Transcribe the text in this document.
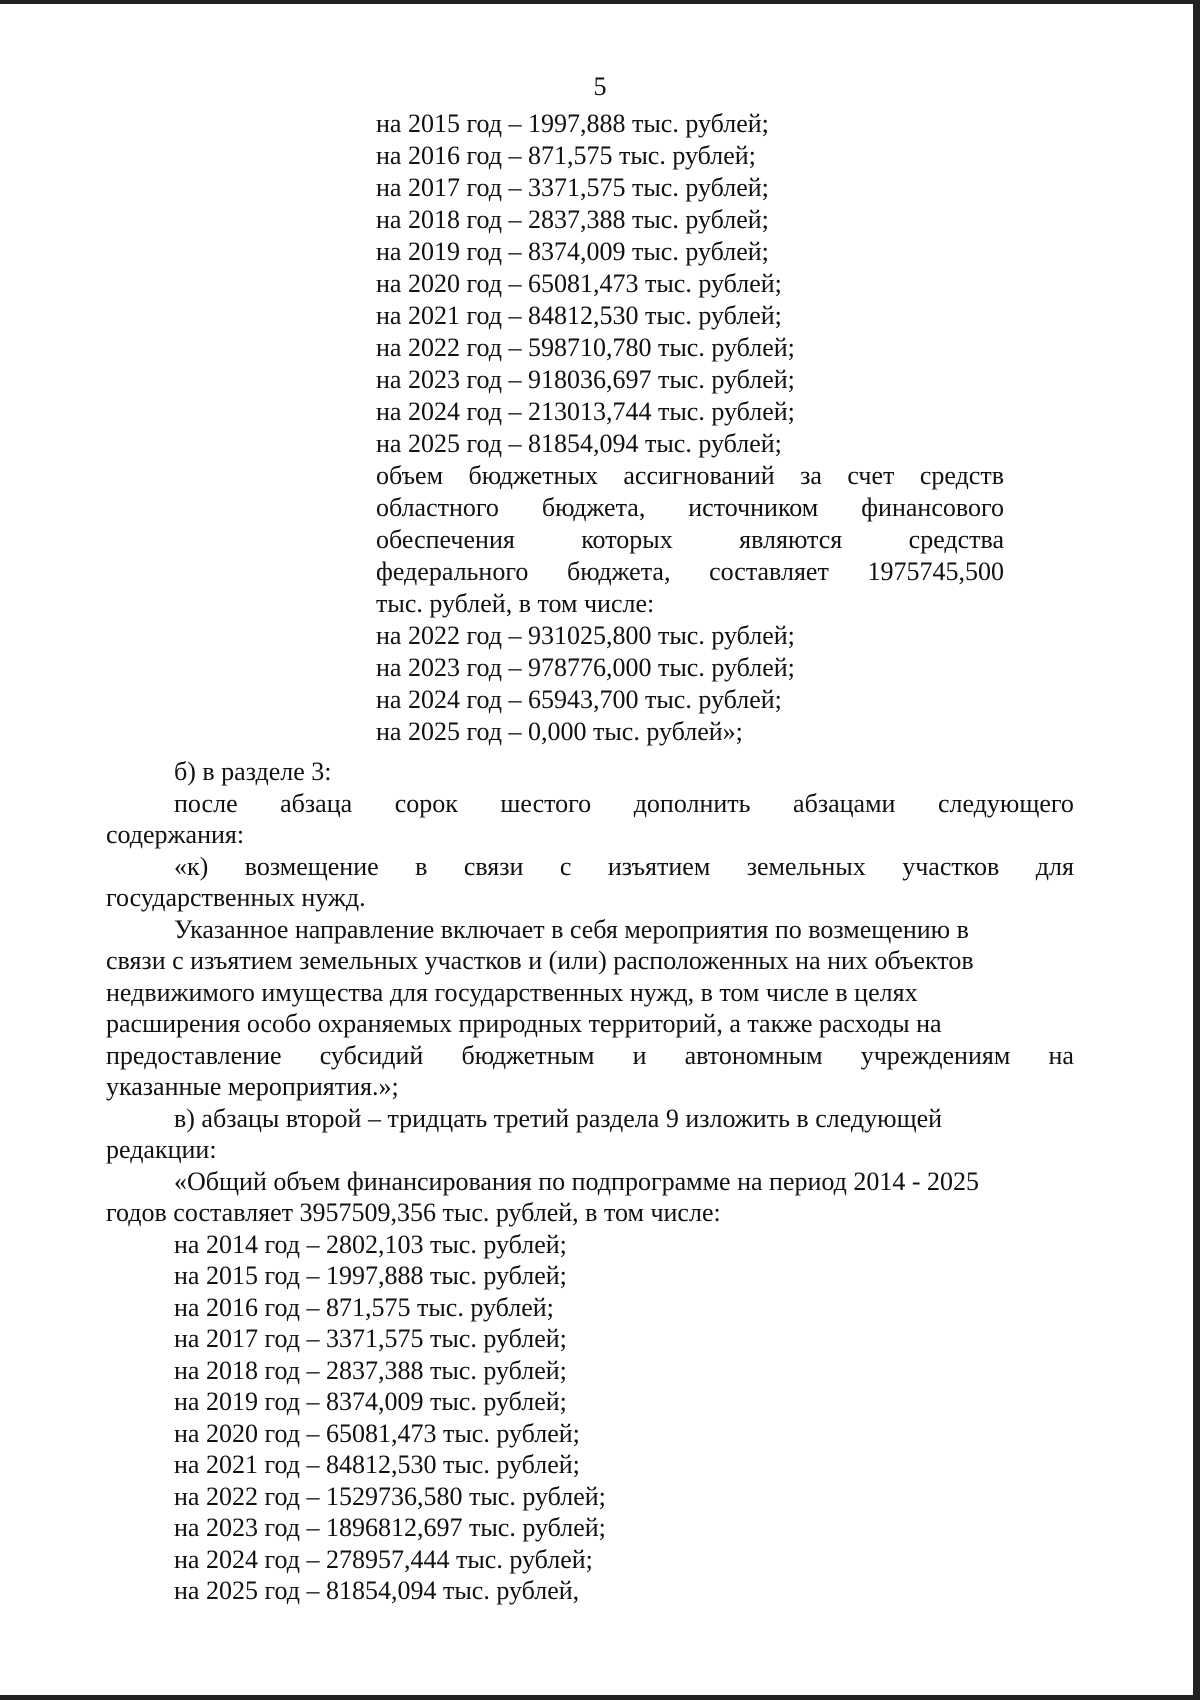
5
на 2015 год – 1997,888 тыс. рублей;
на 2016 год – 871,575 тыс. рублей;
на 2017 год – 3371,575 тыс. рублей;
на 2018 год – 2837,388 тыс. рублей;
на 2019 год – 8374,009 тыс. рублей;
на 2020 год – 65081,473 тыс. рублей;
на 2021 год – 84812,530 тыс. рублей;
на 2022 год – 598710,780 тыс. рублей;
на 2023 год – 918036,697 тыс. рублей;
на 2024 год – 213013,744 тыс. рублей;
на 2025 год – 81854,094 тыс. рублей;
объем бюджетных ассигнований за счет средств
областного бюджета, источником финансового
обеспечения	которых	являются	средства
федерального бюджета, составляет 1975745,500
тыс. рублей, в том числе:
на 2022 год – 931025,800 тыс. рублей;
на 2023 год – 978776,000 тыс. рублей;
на 2024 год – 65943,700 тыс. рублей;
на 2025 год – 0,000 тыс. рублей»;
б) в разделе 3:
после абзаца сорок шестого дополнить абзацами следующего
содержания:
«к) возмещение в связи с изъятием земельных участков для
государственных нужд.
Указанное направление включает в себя мероприятия по возмещению в
связи с изъятием земельных участков и (или) расположенных на них объектов
недвижимого имущества для государственных нужд, в том числе в целях
расширения особо охраняемых природных территорий, а также расходы на
предоставление субсидий бюджетным и автономным учреждениям на
указанные мероприятия.»;
в) абзацы второй – тридцать третий раздела 9 изложить в следующей
редакции:
«Общий объем финансирования по подпрограмме на период 2014 - 2025
годов составляет 3957509,356 тыс. рублей, в том числе:
на 2014 год – 2802,103 тыс. рублей;
на 2015 год – 1997,888 тыс. рублей;
на 2016 год – 871,575 тыс. рублей;
на 2017 год – 3371,575 тыс. рублей;
на 2018 год – 2837,388 тыс. рублей;
на 2019 год – 8374,009 тыс. рублей;
на 2020 год – 65081,473 тыс. рублей;
на 2021 год – 84812,530 тыс. рублей;
на 2022 год – 1529736,580 тыс. рублей;
на 2023 год – 1896812,697 тыс. рублей;
на 2024 год – 278957,444 тыс. рублей;
на 2025 год – 81854,094 тыс. рублей,
